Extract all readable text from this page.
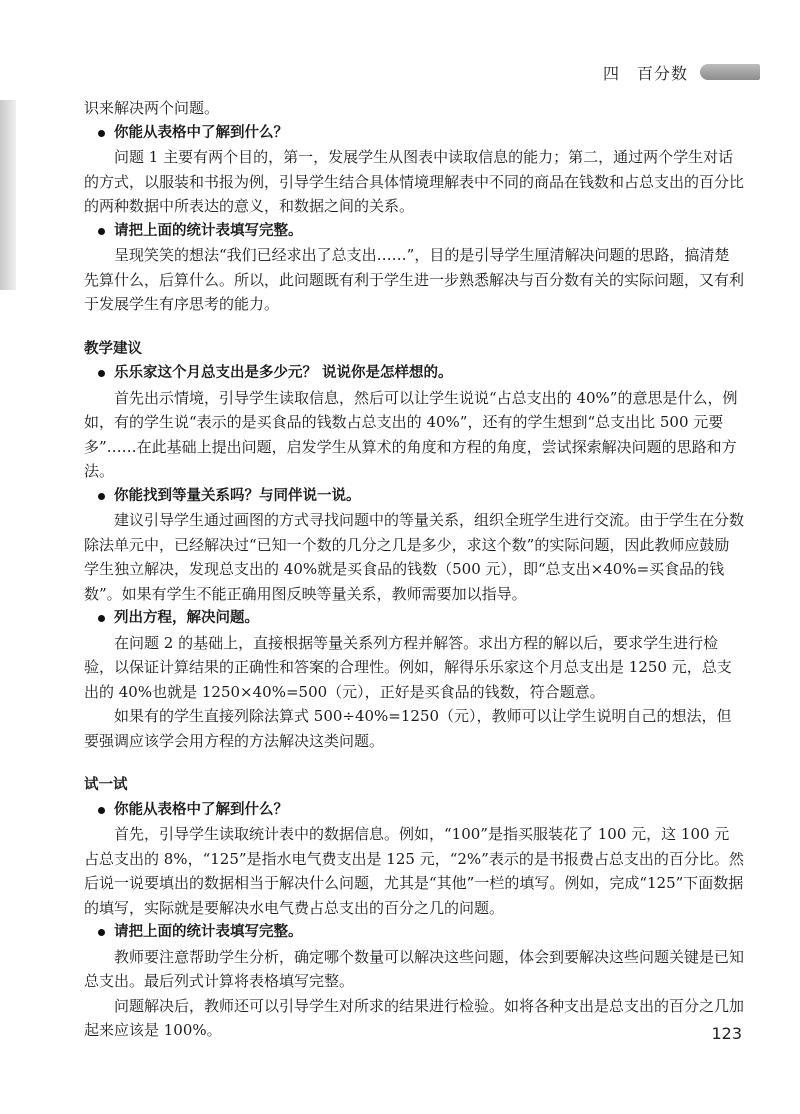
四　百分数

识来解决两个问题。

你能从表格中了解到什么？

问题 1 主要有两个目的，第一，发展学生从图表中读取信息的能力；第二，通过两个学生对话的方式，以服装和书报为例，引导学生结合具体情境理解表中不同的商品在钱数和占总支出的百分比的两种数据中所表达的意义，和数据之间的关系。

请把上面的统计表填写完整。

呈现笑笑的想法“我们已经求出了总支出……”，目的是引导学生厘清解决问题的思路，搞清楚先算什么，后算什么。所以，此问题既有利于学生进一步熟悉解决与百分数有关的实际问题，又有利于发展学生有序思考的能力。

教学建议

乐乐家这个月总支出是多少元？ 说说你是怎样想的。

首先出示情境，引导学生读取信息，然后可以让学生说说“占总支出的 40%”的意思是什么，例如，有的学生说“表示的是买食品的钱数占总支出的 40%”，还有的学生想到“总支出比 500 元要多”……在此基础上提出问题，启发学生从算术的角度和方程的角度，尝试探索解决问题的思路和方法。

你能找到等量关系吗？与同伴说一说。

建议引导学生通过画图的方式寻找问题中的等量关系，组织全班学生进行交流。由于学生在分数除法单元中，已经解决过“已知一个数的几分之几是多少，求这个数”的实际问题，因此教师应鼓励学生独立解决，发现总支出的 40%就是买食品的钱数（500 元），即“总支出×40%=买食品的钱数”。如果有学生不能正确用图反映等量关系，教师需要加以指导。

列出方程，解决问题。

在问题 2 的基础上，直接根据等量关系列方程并解答。求出方程的解以后，要求学生进行检验，以保证计算结果的正确性和答案的合理性。例如，解得乐乐家这个月总支出是 1250 元，总支出的 40%也就是 1250×40%=500（元），正好是买食品的钱数，符合题意。

如果有的学生直接列除法算式 500÷40%=1250（元），教师可以让学生说明自己的想法，但要强调应该学会用方程的方法解决这类问题。

试一试

你能从表格中了解到什么？

首先，引导学生读取统计表中的数据信息。例如，“100”是指买服装花了 100 元，这 100 元占总支出的 8%，“125”是指水电气费支出是 125 元，“2%”表示的是书报费占总支出的百分比。然后说一说要填出的数据相当于解决什么问题，尤其是“其他”一栏的填写。例如，完成“125”下面数据的填写，实际就是要解决水电气费占总支出的百分之几的问题。

请把上面的统计表填写完整。

教师要注意帮助学生分析，确定哪个数量可以解决这些问题，体会到要解决这些问题关键是已知总支出。最后列式计算将表格填写完整。

问题解决后，教师还可以引导学生对所求的结果进行检验。如将各种支出是总支出的百分之几加起来应该是 100%。	123
